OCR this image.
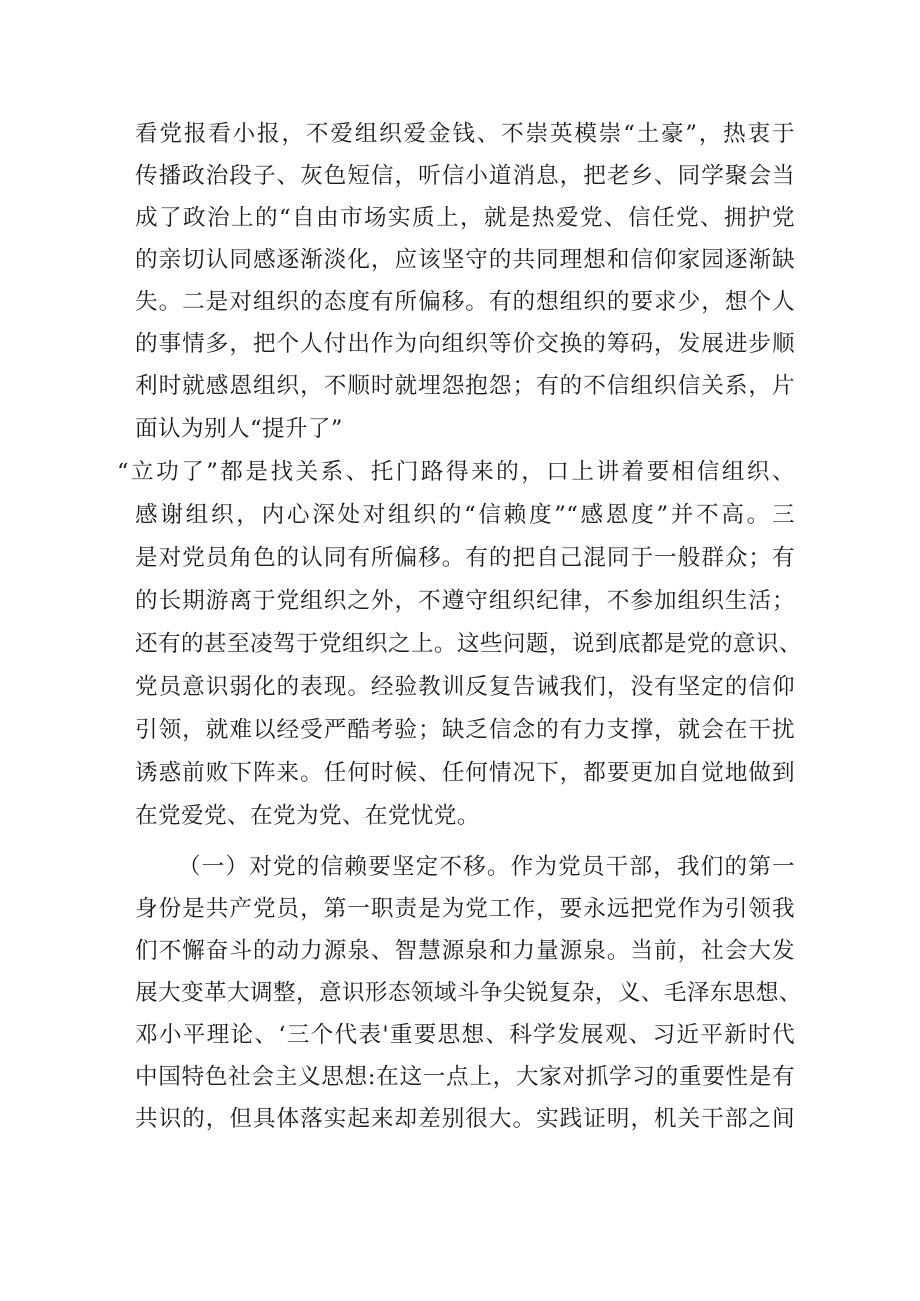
看党报看小报，不爱组织爱金钱、不崇英模崇“土豪”，热衷于
传播政治段子、灰色短信，听信小道消息，把老乡、同学聚会当
成了政治上的“自由市场实质上，就是热爱党、信任党、拥护党
的亲切认同感逐渐淡化，应该坚守的共同理想和信仰家园逐渐缺
失。二是对组织的态度有所偏移。有的想组织的要求少，想个人
的事情多，把个人付出作为向组织等价交换的筹码，发展进步顺
利时就感恩组织，不顺时就埋怨抱怨；有的不信组织信关系，片
面认为别人“提升了”
“立功了”都是找关系、托门路得来的，口上讲着要相信组织、
感谢组织，内心深处对组织的“信赖度”“感恩度”并不高。三
是对党员角色的认同有所偏移。有的把自己混同于一般群众；有
的长期游离于党组织之外，不遵守组织纪律，不参加组织生活；
还有的甚至凌驾于党组织之上。这些问题，说到底都是党的意识、
党员意识弱化的表现。经验教训反复告诫我们，没有坚定的信仰
引领，就难以经受严酷考验；缺乏信念的有力支撑，就会在干扰
诱惑前败下阵来。任何时候、任何情况下，都要更加自觉地做到
在党爱党、在党为党、在党忧党。
（一）对党的信赖要坚定不移。作为党员干部，我们的第一
身份是共产党员，第一职责是为党工作，要永远把党作为引领我
们不懈奋斗的动力源泉、智慧源泉和力量源泉。当前，社会大发
展大变革大调整，意识形态领域斗争尖锐复杂，义、毛泽东思想、
邓小平理论、‘三个代表'重要思想、科学发展观、习近平新时代
中国特色社会主义思想:在这一点上，大家对抓学习的重要性是有
共识的，但具体落实起来却差别很大。实践证明，机关干部之间
